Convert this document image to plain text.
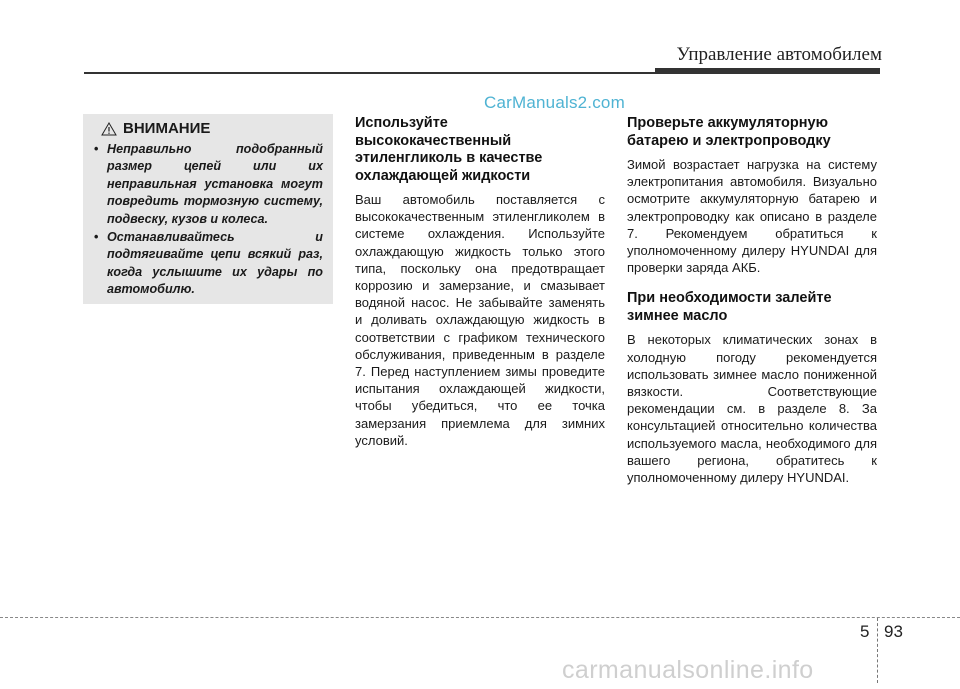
Управление автомобилем
CarManuals2.com
ВНИМАНИЕ
• Неправильно подобранный размер цепей или их неправильная установка могут повредить тормозную систему, подвеску, кузов и колеса.
• Останавливайтесь и подтягивайте цепи всякий раз, когда услышите их удары по автомобилю.
Используйте высококачественный этиленгликоль в качестве охлаждающей жидкости

Ваш автомобиль поставляется с высококачественным этиленгликолем в системе охлаждения. Используйте охлаждающую жидкость только этого типа, поскольку она предотвращает коррозию и замерзание, и смазывает водяной насос. Не забывайте заменять и доливать охлаждающую жидкость в соответствии с графиком технического обслуживания, приведенным в разделе 7. Перед наступлением зимы проведите испытания охлаждающей жидкости, чтобы убедиться, что ее точка замерзания приемлема для зимних условий.

Проверьте аккумуляторную батарею и электропроводку

Зимой возрастает нагрузка на систему электропитания автомобиля. Визуально осмотрите аккумуляторную батарею и электропроводку как описано в разделе 7. Рекомендуем обратиться к уполномоченному дилеру HYUNDAI для проверки заряда АКБ.

При необходимости залейте зимнее масло

В некоторых климатических зонах в холодную погоду рекомендуется использовать зимнее масло пониженной вязкости. Соответствующие рекомендации см. в разделе 8. За консультацией относительно количества используемого масла, необходимого для вашего региона, обратитесь к уполномоченному дилеру HYUNDAI.

5 93
carmanualsonline.info
